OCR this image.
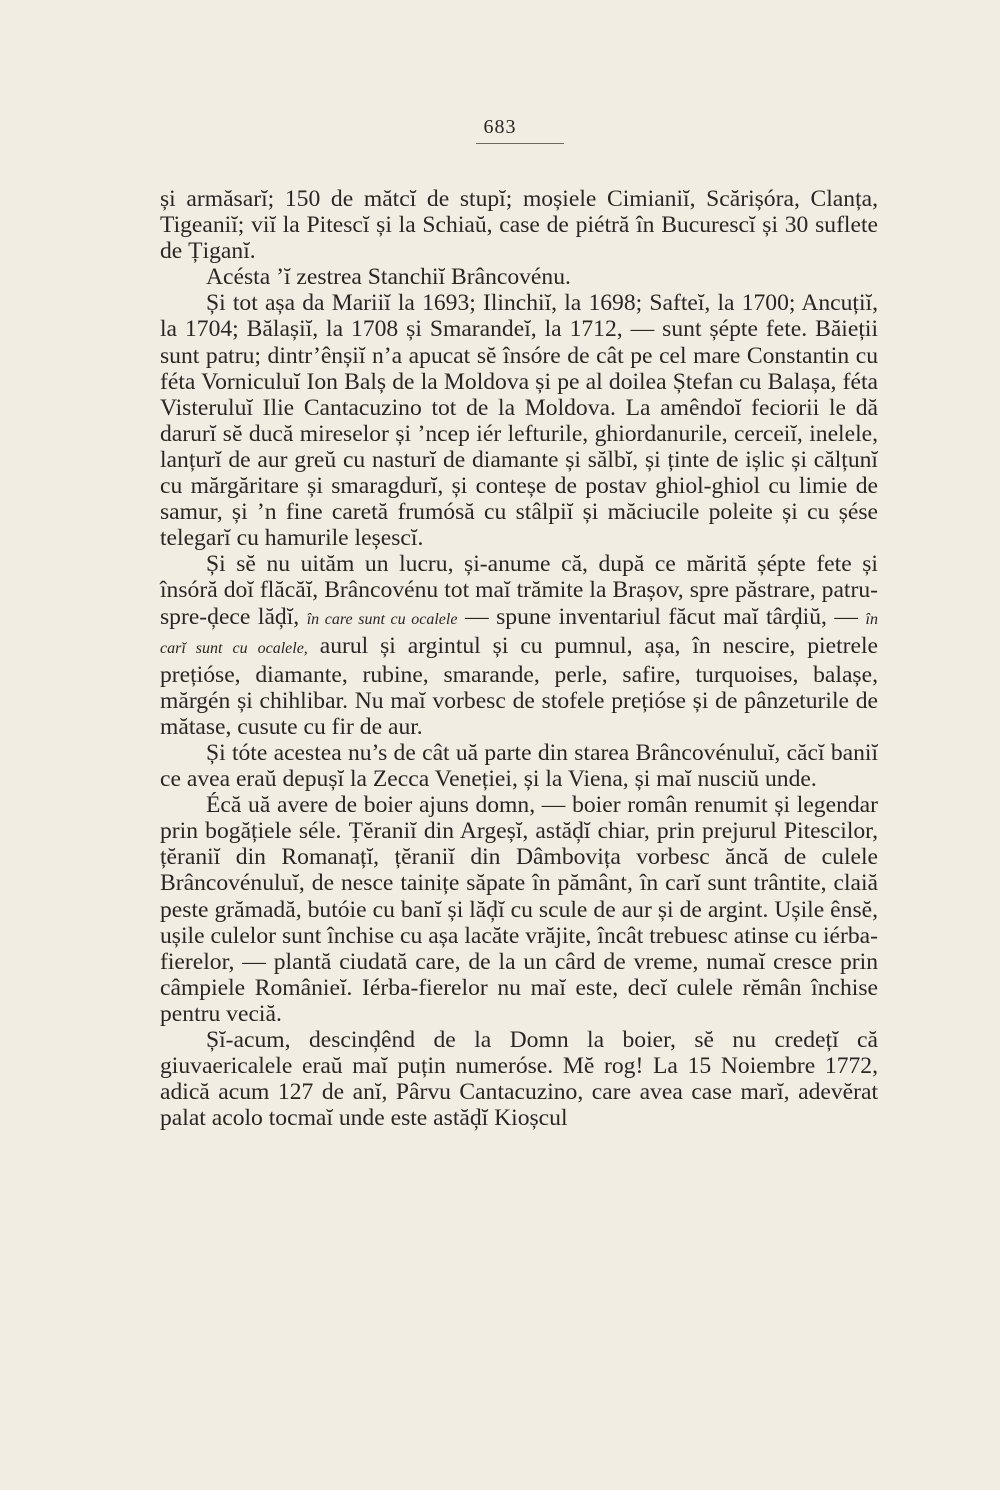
683

și armăsarĭ; 150 de mătcĭ de stupĭ; moșiele Cimianiĭ, Scărișóra, Clanța, Tigeaniĭ; viĭ la Pitescĭ și la Schiaŭ, case de piétră în Bucurescĭ și 30 suflete de Țiganĭ.

Acésta ’ĭ zestrea Stanchiĭ Brâncovénu.

Și tot așa da Mariiĭ la 1693; Ilinchiĭ, la 1698; Safteĭ, la 1700; Ancuțiĭ, la 1704; Bălașiĭ, la 1708 și Smarandeĭ, la 1712, — sunt șépte fete. Băieții sunt patru; dintr’ênșiĭ n’a apucat sĕ însóre de cât pe cel mare Constantin cu féta Vorniculuĭ Ion Balș de la Moldova și pe al doilea Ștefan cu Balașa, féta Visteruluĭ Ilie Cantacuzino tot de la Moldova. La amêndoĭ feciorii le dă darurĭ sĕ ducă mireselor și ’ncep iér lefturile, ghiordanurile, cerceiĭ, inelele, lanțurĭ de aur greŭ cu nasturĭ de diamante și sălbĭ, și ținte de ișlic și călțunĭ cu mărgăritare și smaragdurĭ, și conteșe de postav ghiol-ghiol cu limie de samur, și ’n fine caretă frumósă cu stâlpiĭ și măciucile poleite și cu șése telegarĭ cu hamurile leșescĭ.

Și sĕ nu uităm un lucru, și-anume că, după ce mărită șépte fete și însóră doĭ flăcăĭ, Brâncovénu tot maĭ trămite la Brașov, spre păstrare, patru-spre-ḑece lăḑĭ, în care sunt cu ocalele — spune inventariul făcut maĭ târḑiŭ, — în carĭ sunt cu ocalele, aurul și argintul și cu pumnul, așa, în nescire, pietrele prețióse, diamante, rubine, smarande, perle, safire, turquoises, balașe, mărgén și chihlibar. Nu maĭ vorbesc de stofele prețióse și de pânzeturile de mătase, cusute cu fir de aur.

Și tóte acestea nu’s de cât uă parte din starea Brâncovénuluĭ, căcĭ baniĭ ce avea eraŭ depușĭ la Zecca Veneției, și la Viena, și maĭ nusciŭ unde.

Écă uă avere de boier ajuns domn, — boier român renumit și legendar prin bogățiele séle. Țĕraniĭ din Argeșĭ, astăḑĭ chiar, prin prejurul Pitescilor, țĕraniĭ din Romanațĭ, țĕraniĭ din Dâmbovița vorbesc ăncă de culele Brâncovénuluĭ, de nesce tainițe săpate în pământ, în carĭ sunt trântite, claiă peste grămadă, butóie cu banĭ și lăḑĭ cu scule de aur și de argint. Ușile ênsĕ, ușile culelor sunt închise cu așa lacăte vrăjite, încât trebuesc atinse cu iérba-fierelor, — plantă ciudată care, de la un cârd de vreme, numaĭ cresce prin câmpiele Românieĭ. Iérba-fierelor nu maĭ este, decĭ culele rĕmân închise pentru veciă.

Șĭ-acum, descinḑênd de la Domn la boier, sĕ nu credețĭ că giuvaericalele eraŭ maĭ puțin numeróse. Mĕ rog! La 15 Noiembre 1772, adică acum 127 de anĭ, Pârvu Cantacuzino, care avea case marĭ, adevĕrat palat acolo tocmaĭ unde este astăḑĭ Kioșcul
